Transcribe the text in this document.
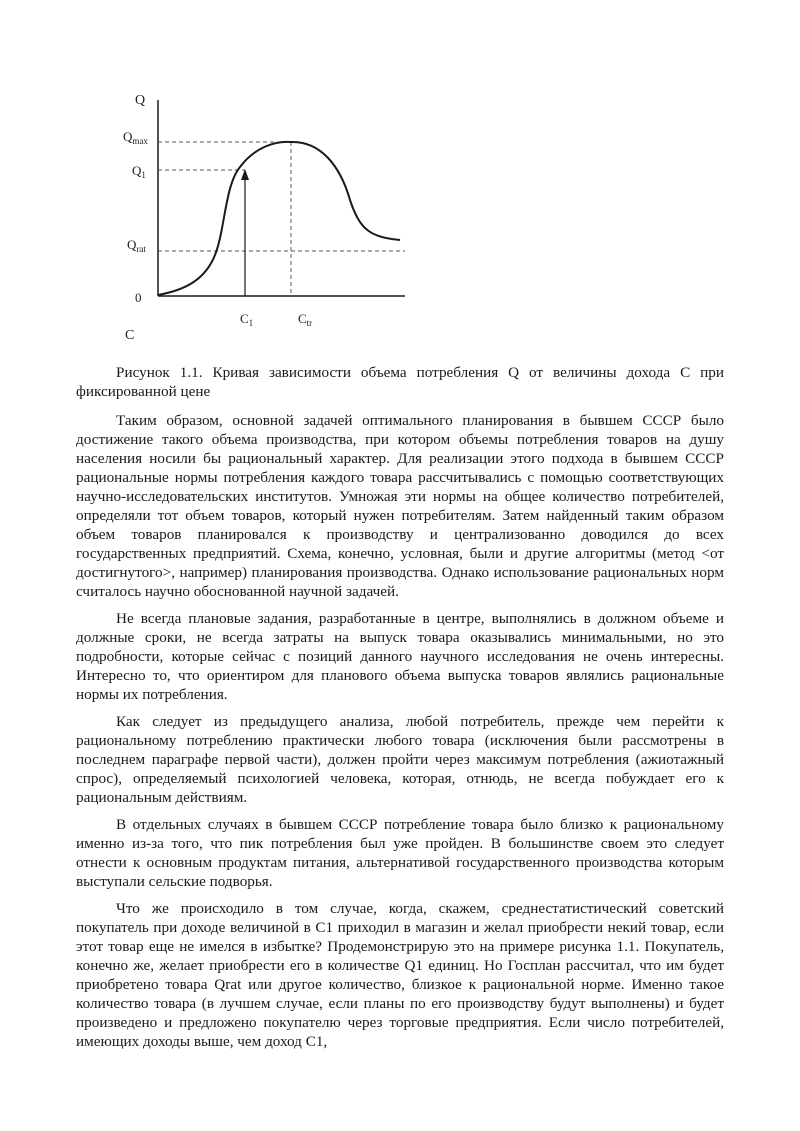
Q
$Q_{max}$
$Q_1$
$Q_{rat}$
0
$C_1$	$C_{tr}$
C

Рисунок 1.1. Кривая зависимости объема потребления Q от величины дохода C при фиксированной цене

Таким образом, основной задачей оптимального планирования в бывшем СССР было достижение такого объема производства, при котором объемы потребления товаров на душу населения носили бы рациональный характер. Для реализации этого подхода в бывшем СССР рациональные нормы потребления каждого товара рассчитывались с помощью соответствующих научно-исследовательских институтов. Умножая эти нормы на общее количество потребителей, определяли тот объем товаров, который нужен потребителям. Затем найденный таким образом объем товаров планировался к производству и централизованно доводился до всех государственных предприятий. Схема, конечно, условная, были и другие алгоритмы (метод <от достигнутого>, например) планирования производства. Однако использование рациональных норм считалось научно обоснованной научной задачей.

Не всегда плановые задания, разработанные в центре, выполнялись в должном объеме и должные сроки, не всегда затраты на выпуск товара оказывались минимальными, но это подробности, которые сейчас с позиций данного научного исследования не очень интересны. Интересно то, что ориентиром для планового объема выпуска товаров являлись рациональные нормы их потребления.

Как следует из предыдущего анализа, любой потребитель, прежде чем перейти к рациональному потреблению практически любого товара (исключения были рассмотрены в последнем параграфе первой части), должен пройти через максимум потребления (ажиотажный спрос), определяемый психологией человека, которая, отнюдь, не всегда побуждает его к рациональным действиям.

В отдельных случаях в бывшем СССР потребление товара было близко к рациональному именно из-за того, что пик потребления был уже пройден. В большинстве своем это следует отнести к основным продуктам питания, альтернативой государственного производства которым выступали сельские подворья.

Что же происходило в том случае, когда, скажем, среднестатистический советский покупатель при доходе величиной в С1 приходил в магазин и желал приобрести некий товар, если этот товар еще не имелся в избытке? Продемонстрирую это на примере рисунка 1.1. Покупатель, конечно же, желает приобрести его в количестве Q1 единиц. Но Госплан рассчитал, что им будет приобретено товара Qrat или другое количество, близкое к рациональной норме. Именно такое количество товара (в лучшем случае, если планы по его производству будут выполнены) и будет произведено и предложено покупателю через торговые предприятия. Если число потребителей, имеющих доходы выше, чем доход С1,
